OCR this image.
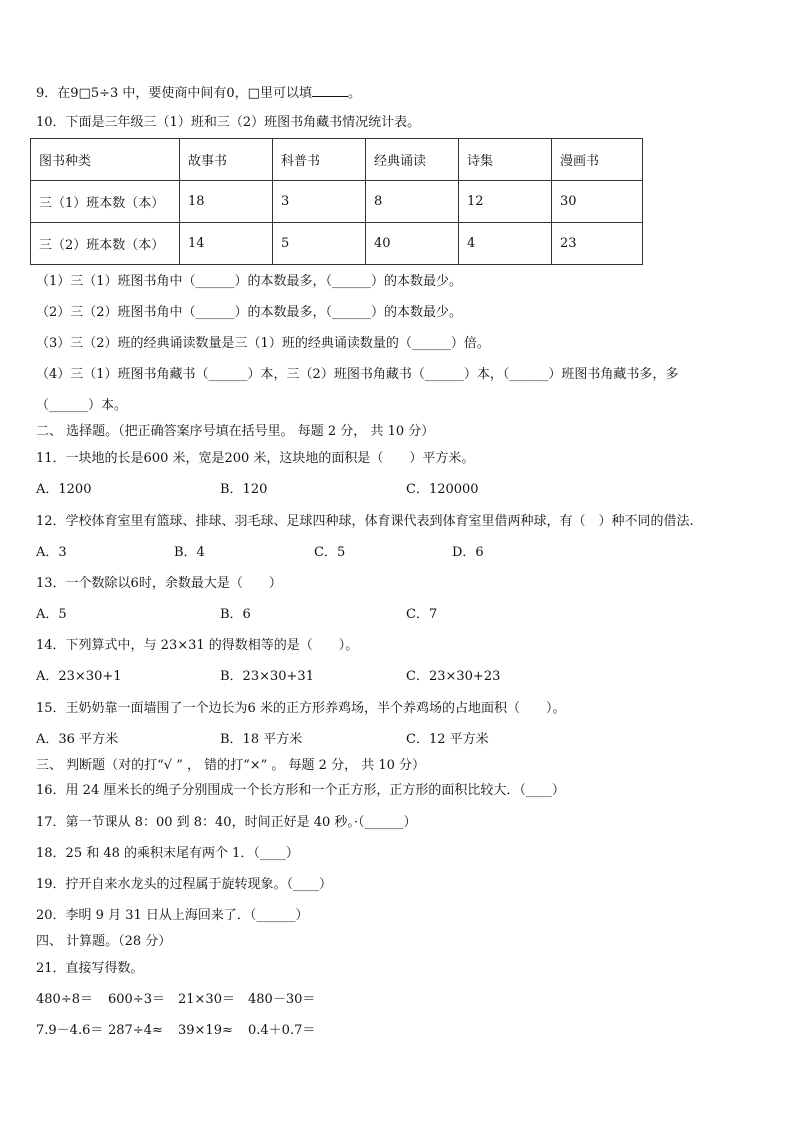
9．在9□5÷3 中，要使商中间有0，□里可以填	。
10．下面是三年级三（1）班和三（2）班图书角藏书情况统计表。
图书种类	故事书	科普书	经典诵读	诗集	漫画书
三（1）班本数（本）	18	3	8	12	30
三（2）班本数（本）	14	5	40	4	23
（1）三（1）班图书角中（______）的本数最多，（______）的本数最少。
（2）三（2）班图书角中（______）的本数最多，（______）的本数最少。
（3）三（2）班的经典诵读数量是三（1）班的经典诵读数量的（______）倍。
（4）三（1）班图书角藏书（______）本，三（2）班图书角藏书（______）本，（______）班图书角藏书多，多
（______）本。
二、 选择题。（把正确答案序号填在括号里。 每题 2 分， 共 10 分）
11．一块地的长是600 米，宽是200 米，这块地的面积是（　　）平方米。
A．1200	B．120	C．120000
12．学校体育室里有篮球、排球、羽毛球、足球四种球，体育课代表到体育室里借两种球，有（　）种不同的借法.
A．3	B．4	C．5	D．6
13．一个数除以6时，余数最大是（　　）
A．5	B．6	C．7
14．下列算式中，与 23×31 的得数相等的是（　　）。
A．23×30+1	B．23×30+31	C．23×30+23
15．王奶奶靠一面墙围了一个边长为6 米的正方形养鸡场，半个养鸡场的占地面积（　　）。
A．36 平方米	B．18 平方米	C．12 平方米
三、 判断题（对的打“√ ” ， 错的打“×” 。 每题 2 分， 共 10 分）
16．用 24 厘米长的绳子分别围成一个长方形和一个正方形，正方形的面积比较大．（____）
17．第一节课从 8：00 到 8：40，时间正好是 40 秒。·（______）
18．25 和 48 的乘积末尾有两个 1．（____）
19．拧开自来水龙头的过程属于旋转现象。（____）
20．李明 9 月 31 日从上海回来了．（______）
四、 计算题。（28 分）
21．直接写得数。
480÷8＝ 600÷3＝ 21×30＝ 480－30＝
7.9－4.6＝ 287÷4≈ 39×19≈ 0.4＋0.7＝
